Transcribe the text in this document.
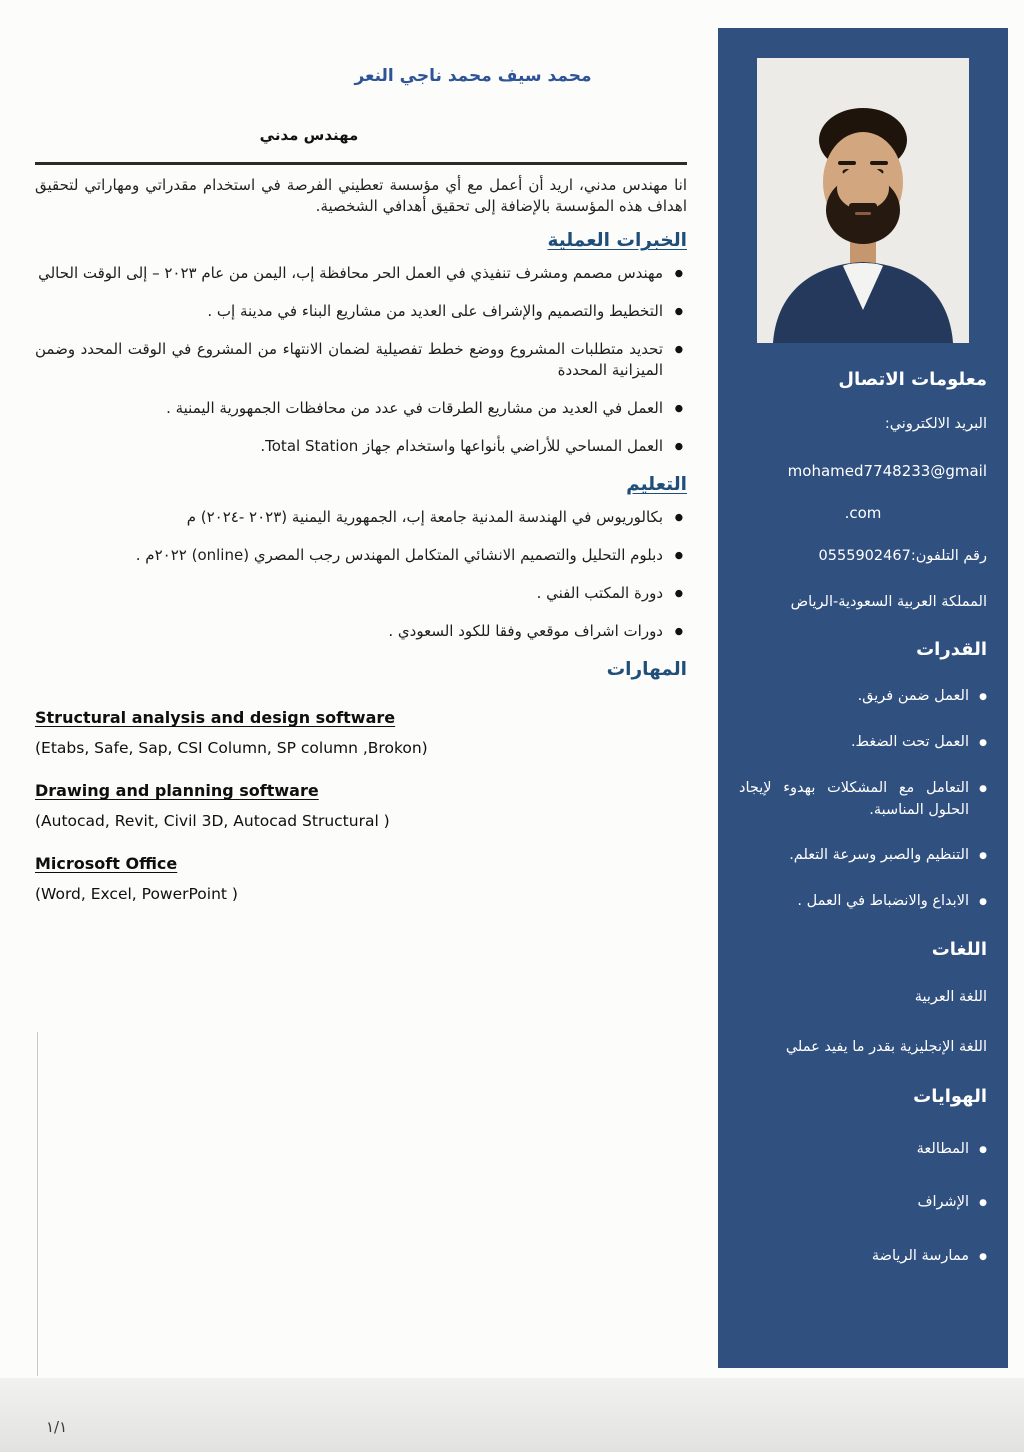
محمد سيف محمد ناجي النعر
مهندس مدني

انا مهندس مدني، اريد أن أعمل مع أي مؤسسة تعطيني الفرصة في استخدام مقدراتي ومهاراتي لتحقيق اهداف هذه المؤسسة بالإضافة إلى تحقيق أهدافي الشخصية.

الخبرات العملية
● مهندس مصمم ومشرف تنفيذي في العمل الحر محافظة إب، اليمن من عام ٢٠٢٣ – إلى الوقت الحالي
● التخطيط والتصميم والإشراف على العديد من مشاريع البناء في مدينة إب .
● تحديد متطلبات المشروع ووضع خطط تفصيلية لضمان الانتهاء من المشروع في الوقت المحدد وضمن الميزانية المحددة
● العمل في العديد من مشاريع الطرقات في عدد من محافظات الجمهورية اليمنية .
● العمل المساحي للأراضي بأنواعها واستخدام جهاز Total Station.
التعليم
● بكالوريوس في الهندسة المدنية جامعة إب، الجمهورية اليمنية (٢٠٢٣ -٢٠٢٤) م
● دبلوم التحليل والتصميم الانشائي المتكامل المهندس رجب المصري (online) ٢٠٢٢م .
● دورة المكتب الفني .
● دورات اشراف موقعي وفقا للكود السعودي .
المهارات
Structural analysis and design software
(Etabs, Safe, Sap, CSI Column, SP column ,Brokon)
Drawing and planning software
(Autocad, Revit, Civil 3D, Autocad Structural )
Microsoft Office
(Word, Excel, PowerPoint )
معلومات الاتصال
البريد الالكتروني:
mohamed7748233@gmail
.com
رقم التلفون:0555902467
المملكة العربية السعودية-الرياض
القدرات
● العمل ضمن فريق.
● العمل تحت الضغط.
● التعامل مع المشكلات بهدوء لإيجاد الحلول المناسبة.
● التنظيم والصبر وسرعة التعلم.
● الابداع والانضباط في العمل .
اللغات
اللغة العربية
اللغة الإنجليزية بقدر ما يفيد عملي
الهوايات
● المطالعة
● الإشراف
● ممارسة الرياضة
١/١
